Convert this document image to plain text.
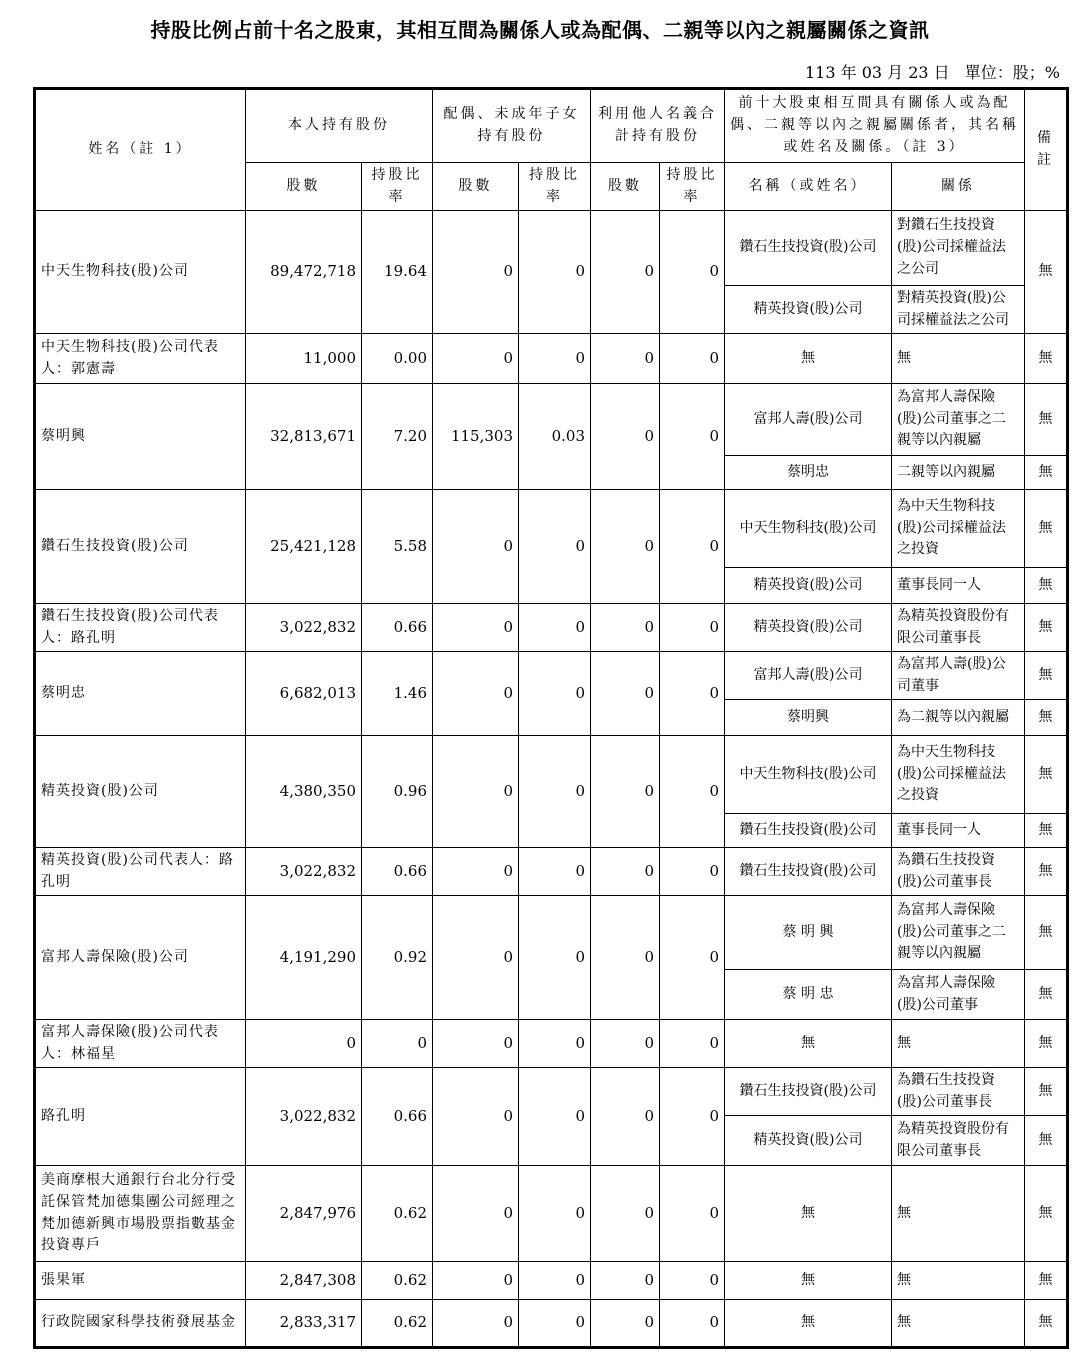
持股比例占前十名之股東，其相互間為關係人或為配偶、二親等以內之親屬關係之資訊
113 年 03 月 23 日 單位：股；%
姓名（註 1）	本人持有股份		配偶、未成年子女持有股份		利用他人名義合計持有股份		前十大股東相互間具有關係人或為配偶、二親等以內之親屬關係者，其名稱或姓名及關係。（註 3）		備註
	股數	持股比率	股數	持股比率	股數	持股比率	名稱（或姓名）	關係	
中天生物科技(股)公司	89,472,718	19.64	0	0	0	0	鑽石生技投資(股)公司	對鑽石生技投資(股)公司採權益法之公司	無
							精英投資(股)公司	對精英投資(股)公司採權益法之公司	
中天生物科技(股)公司代表人：郭憲壽	11,000	0.00	0	0	0	0	無	無	無
蔡明興	32,813,671	7.20	115,303	0.03	0	0	富邦人壽(股)公司	為富邦人壽保險(股)公司董事之二親等以內親屬	無
							蔡明忠	二親等以內親屬	無
鑽石生技投資(股)公司	25,421,128	5.58	0	0	0	0	中天生物科技(股)公司	為中天生物科技(股)公司採權益法之投資	無
							精英投資(股)公司	董事長同一人	無
鑽石生技投資(股)公司代表人：路孔明	3,022,832	0.66	0	0	0	0	精英投資(股)公司	為精英投資股份有限公司董事長	無
蔡明忠	6,682,013	1.46	0	0	0	0	富邦人壽(股)公司	為富邦人壽(股)公司董事	無
							蔡明興	為二親等以內親屬	無
精英投資(股)公司	4,380,350	0.96	0	0	0	0	中天生物科技(股)公司	為中天生物科技(股)公司採權益法之投資	無
							鑽石生技投資(股)公司	董事長同一人	無
精英投資(股)公司代表人：路孔明	3,022,832	0.66	0	0	0	0	鑽石生技投資(股)公司	為鑽石生技投資(股)公司董事長	無
富邦人壽保險(股)公司	4,191,290	0.92	0	0	0	0	蔡 明 興	為富邦人壽保險(股)公司董事之二親等以內親屬	無
							蔡 明 忠	為富邦人壽保險(股)公司董事	無
富邦人壽保險(股)公司代表人：林福星	0	0	0	0	0	0	無	無	無
路孔明	3,022,832	0.66	0	0	0	0	鑽石生技投資(股)公司	為鑽石生技投資(股)公司董事長	無
							精英投資(股)公司	為精英投資股份有限公司董事長	無
美商摩根大通銀行台北分行受託保管梵加德集團公司經理之梵加德新興市場股票指數基金投資專戶	2,847,976	0.62	0	0	0	0	無	無	無
張果軍	2,847,308	0.62	0	0	0	0	無	無	無
行政院國家科學技術發展基金	2,833,317	0.62	0	0	0	0	無	無	無
